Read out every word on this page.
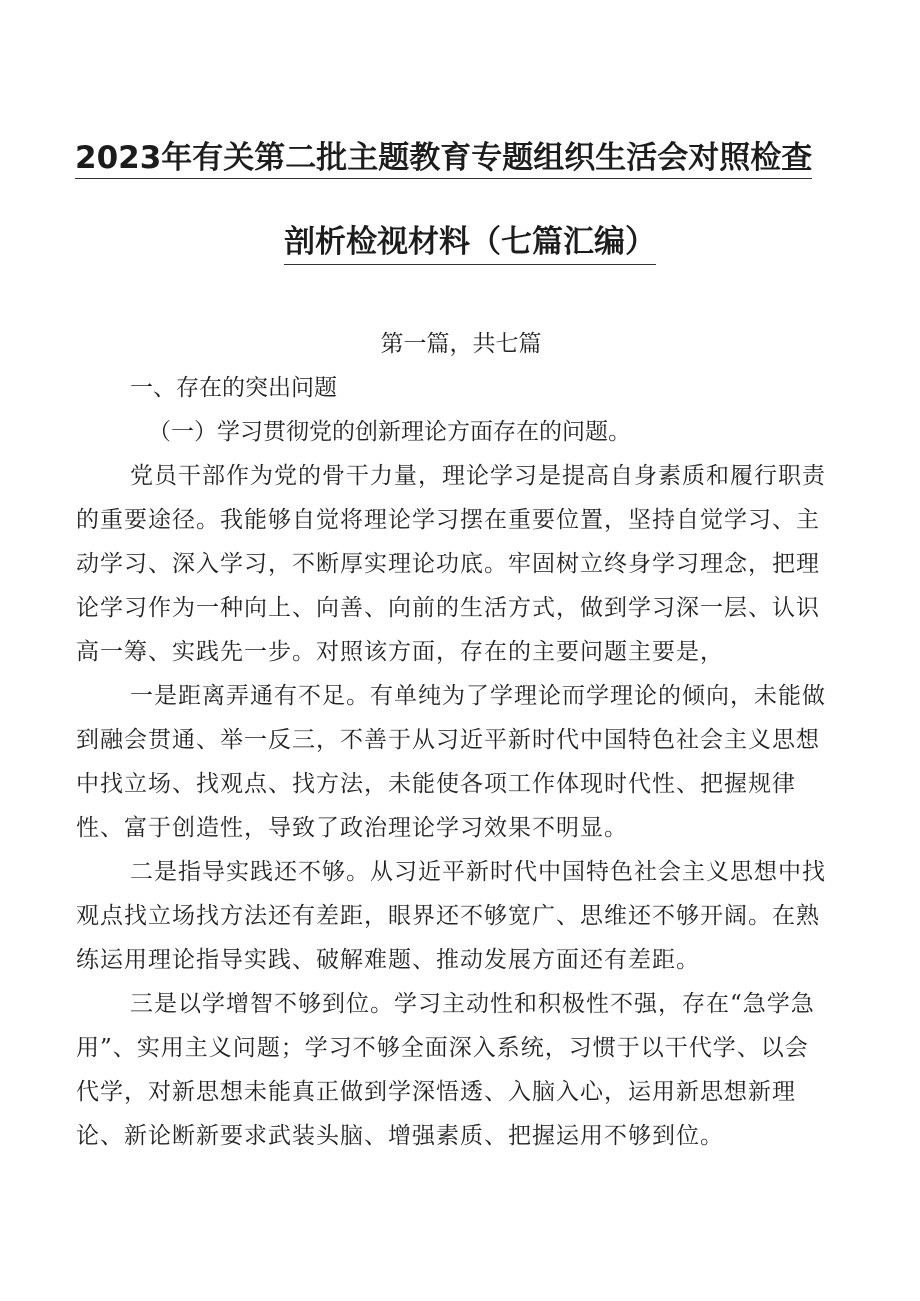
2023年有关第二批主题教育专题组织生活会对照检查
剖析检视材料（七篇汇编）

第一篇，共七篇

一、存在的突出问题

（一）学习贯彻党的创新理论方面存在的问题。

党员干部作为党的骨干力量，理论学习是提高自身素质和履行职责
的重要途径。我能够自觉将理论学习摆在重要位置，坚持自觉学习、主
动学习、深入学习，不断厚实理论功底。牢固树立终身学习理念，把理
论学习作为一种向上、向善、向前的生活方式，做到学习深一层、认识
高一筹、实践先一步。对照该方面，存在的主要问题主要是，
一是距离弄通有不足。有单纯为了学理论而学理论的倾向，未能做
到融会贯通、举一反三，不善于从习近平新时代中国特色社会主义思想
中找立场、找观点、找方法，未能使各项工作体现时代性、把握规律
性、富于创造性，导致了政治理论学习效果不明显。
二是指导实践还不够。从习近平新时代中国特色社会主义思想中找
观点找立场找方法还有差距，眼界还不够宽广、思维还不够开阔。在熟
练运用理论指导实践、破解难题、推动发展方面还有差距。
三是以学增智不够到位。学习主动性和积极性不强，存在“急学急
用”、实用主义问题；学习不够全面深入系统，习惯于以干代学、以会
代学，对新思想未能真正做到学深悟透、入脑入心，运用新思想新理
论、新论断新要求武装头脑、增强素质、把握运用不够到位。
